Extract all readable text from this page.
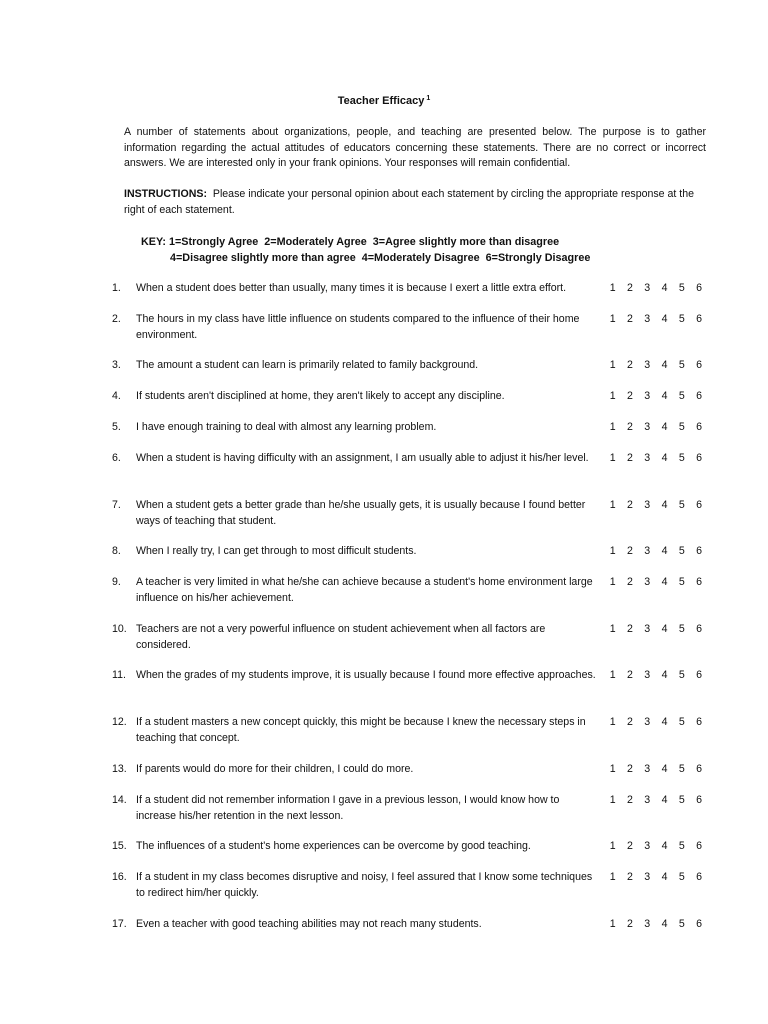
Teacher Efficacy $^1$
A number of statements about organizations, people, and teaching are presented below. The purpose is to gather information regarding the actual attitudes of educators concerning these statements. There are no correct or incorrect answers. We are interested only in your frank opinions. Your responses will remain confidential.
INSTRUCTIONS: Please indicate your personal opinion about each statement by circling the appropriate response at the right of each statement.
KEY: 1=Strongly Agree  2=Moderately Agree  3=Agree slightly more than disagree
4=Disagree slightly more than agree  4=Moderately Disagree  6=Strongly Disagree
1. When a student does better than usually, many times it is because I exert a little extra effort.	1	2	3	4	5	6
2. The hours in my class have little influence on students compared to the influence of their home environment.
1	2	3	4	5	6
3. The amount a student can learn is primarily related to family background.	1	2	3	4	5	6
4. If students aren't disciplined at home, they aren't likely to accept any discipline.	1	2	3	4	5	6
5. I have enough training to deal with almost any learning problem.	1	2	3	4	5	6
6. When a student is having difficulty with an assignment, I am usually able to adjust it his/her level.	1	2	3	4	5	6
7. When a student gets a better grade than he/she usually gets, it is usually because I found better ways of teaching that student.
1	2	3	4	5	6
8. When I really try, I can get through to most difficult students.	1	2	3	4	5	6
9. A teacher is very limited in what he/she can achieve because a student's home environment large influence on his/her achievement.
1	2	3	4	5	6
10. Teachers are not a very powerful influence on student achievement when all factors are considered.
1	2	3	4	5	6
11. When the grades of my students improve, it is usually because I found more effective approaches.	1	2	3	4	5	6
12. If a student masters a new concept quickly, this might be because I knew the necessary steps in teaching that concept.
1	2	3	4	5	6
13. If parents would do more for their children, I could do more.	1	2	3	4	5	6
14. If a student did not remember information I gave in a previous lesson, I would know how to increase his/her retention in the next lesson.
1	2	3	4	5	6
15. The influences of a student's home experiences can be overcome by good teaching.	1	2	3	4	5	6
16. If a student in my class becomes disruptive and noisy, I feel assured that I know some techniques to redirect him/her quickly.
1	2	3	4	5	6
17. Even a teacher with good teaching abilities may not reach many students.	1	2	3	4	5	6
